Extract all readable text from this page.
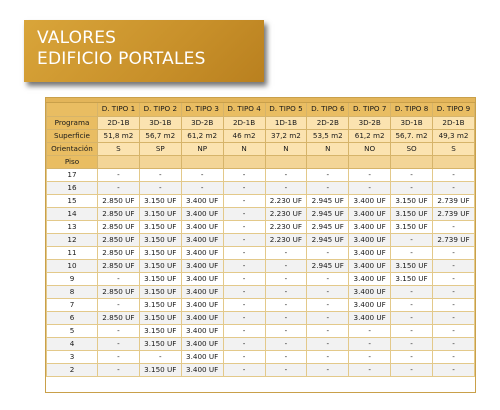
VALORES
EDIFICIO PORTALES
	D. TIPO 1	D. TIPO 2	D. TIPO 3	D. TIPO 4	D. TIPO 5	D. TIPO 6	D. TIPO 7	D. TIPO 8	D. TIPO 9
Programa	2D-1B	3D-1B	3D-2B	2D-1B	1D-1B	2D-2B	3D-2B	3D-1B	2D-1B
Superficie	51,8 m2	56,7 m2	61,2 m2	46 m2	37,2 m2	53,5 m2	61,2 m2	56,7. m2	49,3 m2
Orientación	S	SP	NP	N	N	N	NO	SO	S
Piso									
17	-	-	-	-	-	-	-	-	-
16	-	-	-	-	-	-	-	-	-
15	2.850 UF	3.150 UF	3.400 UF	-	2.230 UF	2.945 UF	3.400 UF	3.150 UF	2.739 UF
14	2.850 UF	3.150 UF	3.400 UF	-	2.230 UF	2.945 UF	3.400 UF	3.150 UF	2.739 UF
13	2.850 UF	3.150 UF	3.400 UF	-	2.230 UF	2.945 UF	3.400 UF	3.150 UF	-
12	2.850 UF	3.150 UF	3.400 UF	-	2.230 UF	2.945 UF	3.400 UF	-	2.739 UF
11	2.850 UF	3.150 UF	3.400 UF	-	-	-	3.400 UF	-	-
10	2.850 UF	3.150 UF	3.400 UF	-	-	2.945 UF	3.400 UF	3.150 UF	-
9	-	3.150 UF	3.400 UF	-	-	-	3.400 UF	3.150 UF	-
8	2.850 UF	3.150 UF	3.400 UF	-	-	-	3.400 UF	-	-
7	-	3.150 UF	3.400 UF	-	-	-	3.400 UF	-	-
6	2.850 UF	3.150 UF	3.400 UF	-	-	-	3.400 UF	-	-
5	-	3.150 UF	3.400 UF	-	-	-	-	-	-
4	-	3.150 UF	3.400 UF	-	-	-	-	-	-
3	-	-	3.400 UF	-	-	-	-	-	-
2	-	3.150 UF	3.400 UF	-	-	-	-	-	-
